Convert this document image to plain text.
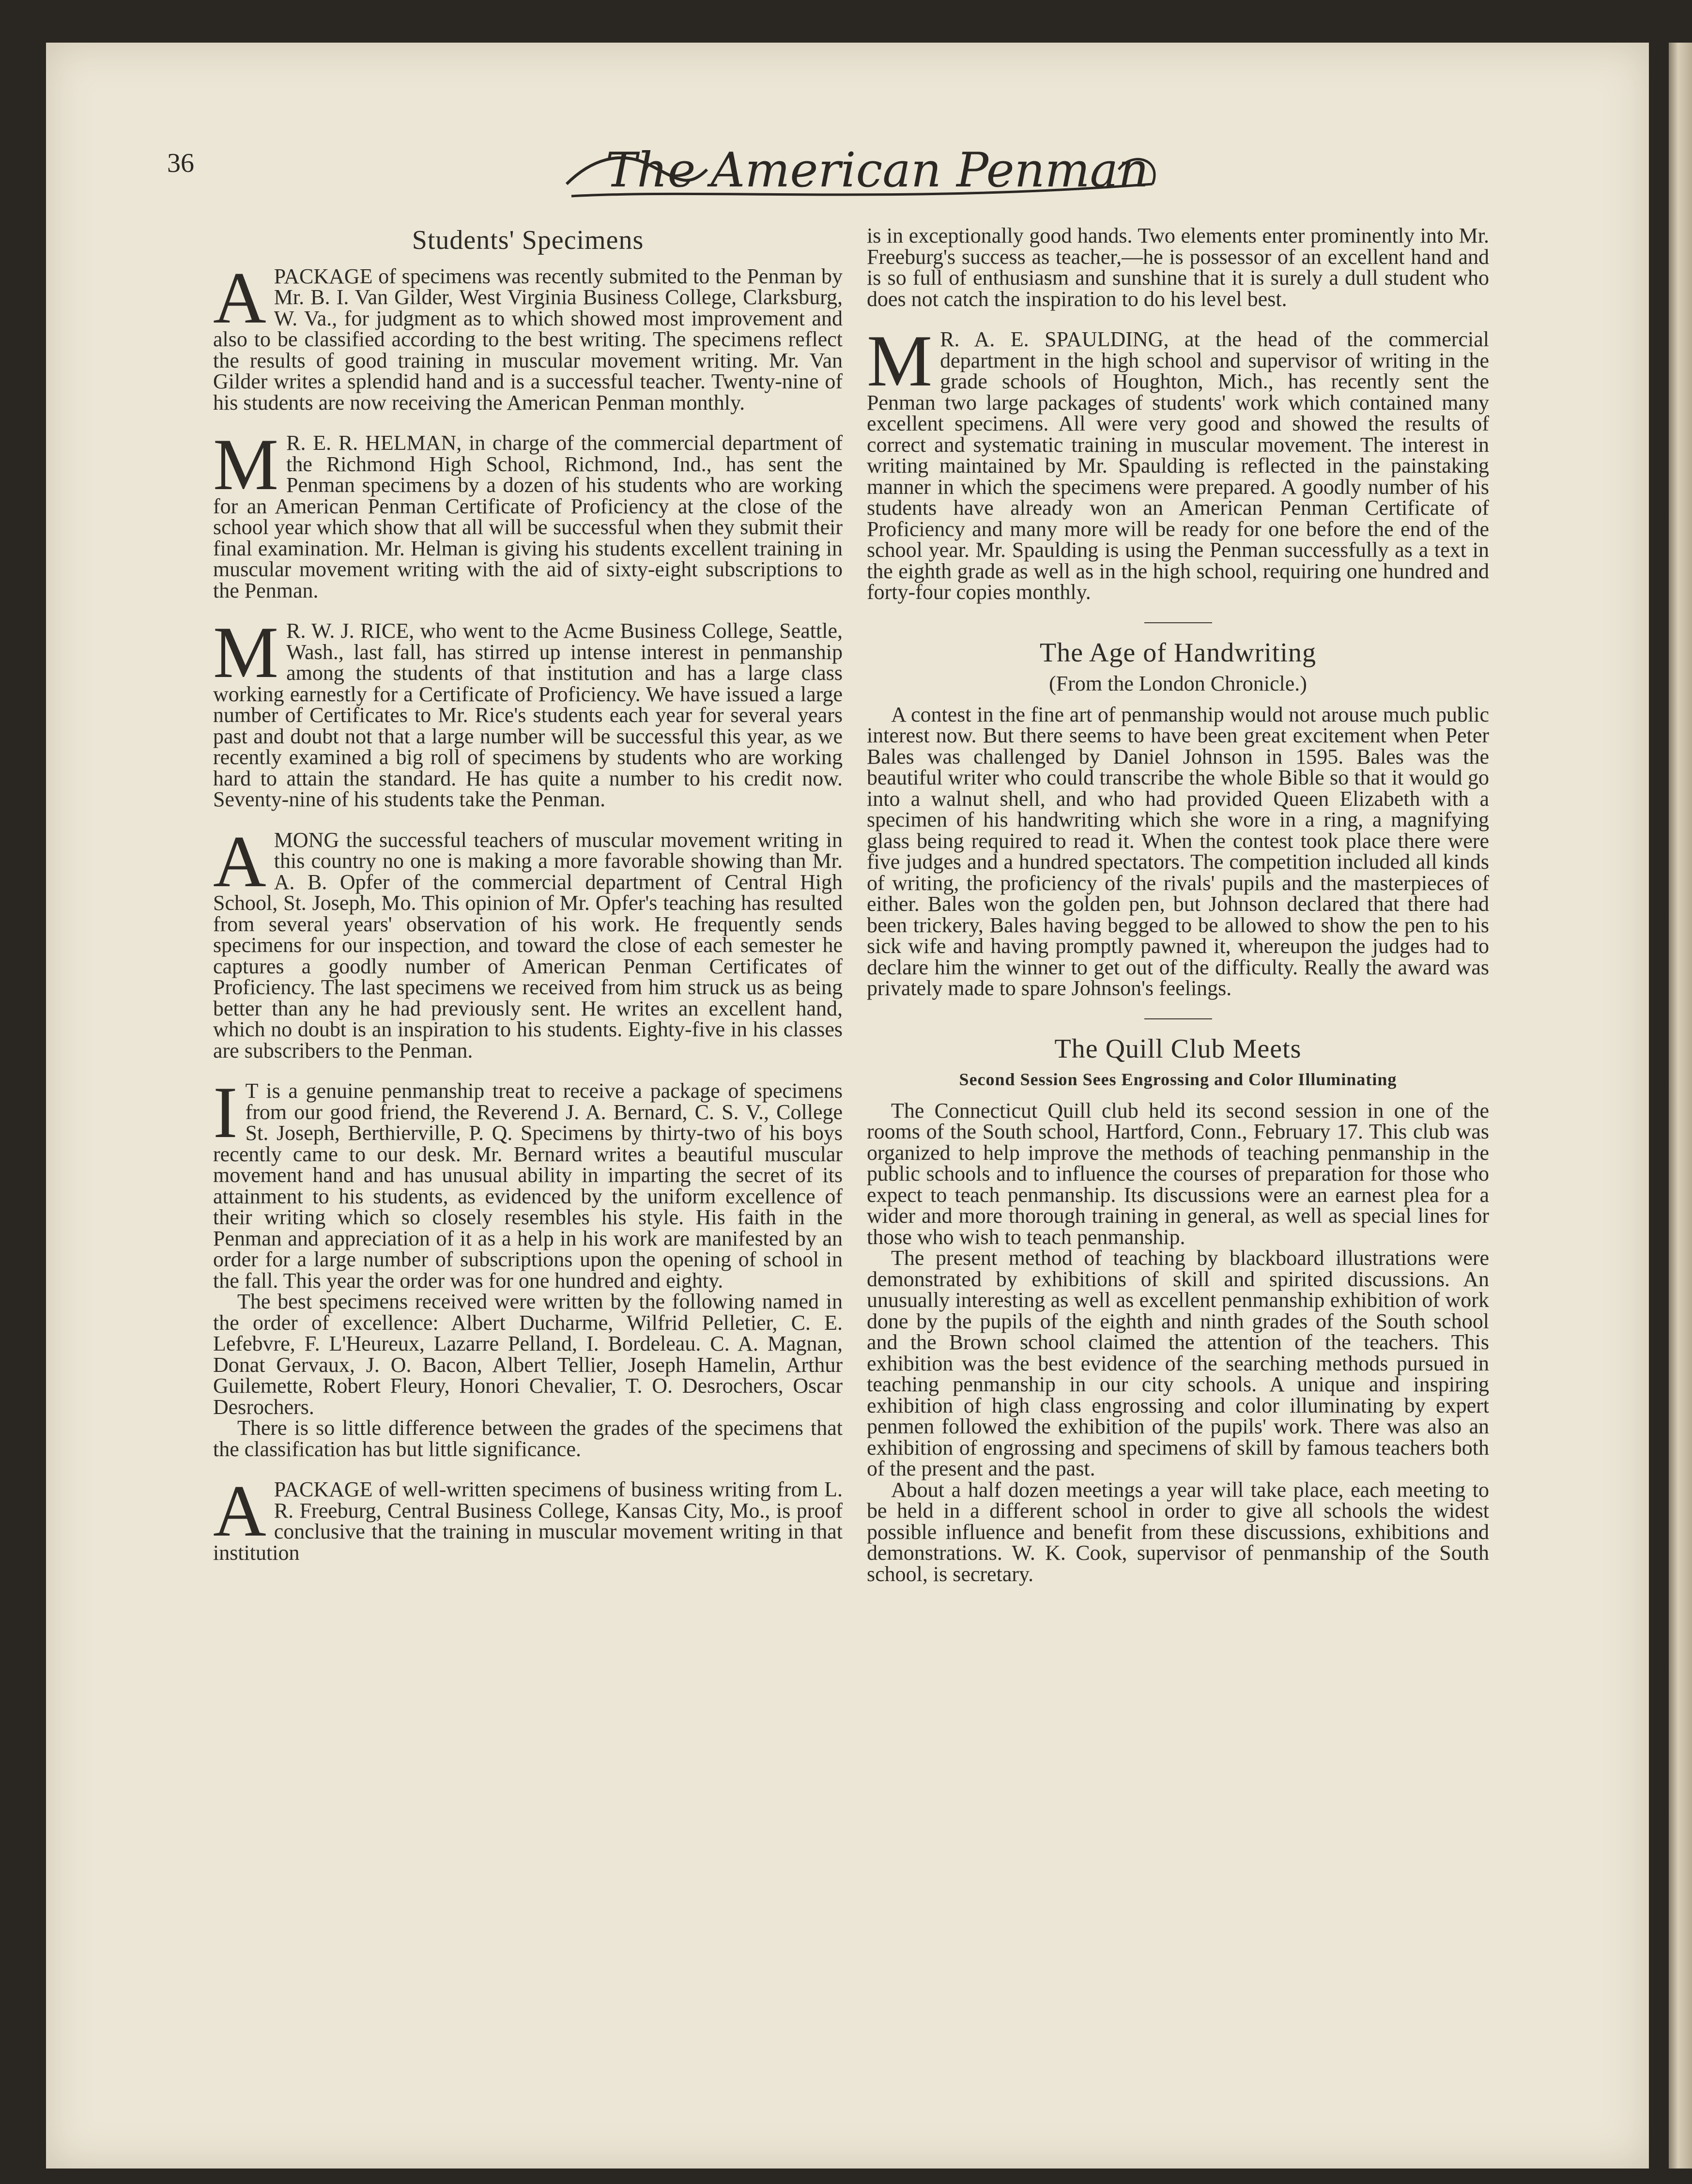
36	The American Penman
Students' Specimens

APACKAGE of specimens was recently submited to the Penman by Mr. B. I. Van Gilder, West Virginia Business College, Clarksburg, W. Va., for judgment as to which showed most improvement and also to be classified according to the best writing. The specimens reflect the results of good training in muscular movement writing. Mr. Van Gilder writes a splendid hand and is a successful teacher. Twenty-nine of his students are now receiving the American Penman monthly.

M R. E. R. HELMAN, in charge of the commercial department of the Richmond High School, Richmond, Ind., has sent the Penman specimens by a dozen of his students who are working for an American Penman Certificate of Proficiency at the close of the school year which show that all will be successful when they submit their final examination. Mr. Helman is giving his students excellent training in muscular movement writing with the aid of sixty-eight subscriptions to the Penman.

M R. W. J. RICE, who went to the Acme Business College, Seattle, Wash., last fall, has stirred up intense interest in penmanship among the students of that institution and has a large class working earnestly for a Certificate of Proficiency. We have issued a large number of Certificates to Mr. Rice's students each year for several years past and doubt not that a large number will be successful this year, as we recently examined a big roll of specimens by students who are working hard to attain the standard. He has quite a number to his credit now. Seventy-nine of his students take the Penman.

AMONG the successful teachers of muscular movement writing in this country no one is making a more favorable showing than Mr. A. B. Opfer of the commercial department of Central High School, St. Joseph, Mo. This opinion of Mr. Opfer's teaching has resulted from several years' observation of his work. He frequently sends specimens for our inspection, and toward the close of each semester he captures a goodly number of American Penman Certificates of Proficiency. The last specimens we received from him struck us as being better than any he had previously sent. He writes an excellent hand, which no doubt is an inspiration to his students. Eighty-five in his classes are subscribers to the Penman.

I T is a genuine penmanship treat to receive a package of specimens from our good friend, the Reverend J. A. Bernard, C. S. V., College St. Joseph, Berthierville, P. Q. Specimens by thirty-two of his boys recently came to our desk. Mr. Bernard writes a beautiful muscular movement hand and has unusual ability in imparting the secret of its attainment to his students, as evidenced by the uniform excellence of their writing which so closely resembles his style. His faith in the Penman and appreciation of it as a help in his work are manifested by an order for a large number of subscriptions upon the opening of school in the fall. This year the order was for one hundred and eighty.

The best specimens received were written by the following named in the order of excellence: Albert Ducharme, Wilfrid Pelletier, C. E. Lefebvre, F. L'Heureux, Lazarre Pelland, I. Bordeleau. C. A. Magnan, Donat Gervaux, J. O. Bacon, Albert Tellier, Joseph Hamelin, Arthur Guilemette, Robert Fleury, Honori Chevalier, T. O. Desrochers, Oscar Desrochers.

There is so little difference between the grades of the specimens that the classification has but little significance.

APACKAGE of well-written specimens of business writing from L. R. Freeburg, Central Business College, Kansas City, Mo., is proof conclusive that the training in muscular movement writing in that institution

is in exceptionally good hands. Two elements enter prominently into Mr. Freeburg's success as teacher,—he is possessor of an excellent hand and is so full of enthusiasm and sunshine that it is surely a dull student who does not catch the inspiration to do his level best.

M R. A. E. SPAULDING, at the head of the commercial department in the high school and supervisor of writing in the grade schools of Houghton, Mich., has recently sent the Penman two large packages of students' work which contained many excellent specimens. All were very good and showed the results of correct and systematic training in muscular movement. The interest in writing maintained by Mr. Spaulding is reflected in the painstaking manner in which the specimens were prepared. A goodly number of his students have already won an American Penman Certificate of Proficiency and many more will be ready for one before the end of the school year. Mr. Spaulding is using the Penman successfully as a text in the eighth grade as well as in the high school, requiring one hundred and forty-four copies monthly.

The Age of Handwriting
(From the London Chronicle.)

A contest in the fine art of penmanship would not arouse much public interest now. But there seems to have been great excitement when Peter Bales was challenged by Daniel Johnson in 1595. Bales was the beautiful writer who could transcribe the whole Bible so that it would go into a walnut shell, and who had provided Queen Elizabeth with a specimen of his handwriting which she wore in a ring, a magnifying glass being required to read it. When the contest took place there were five judges and a hundred spectators. The competition included all kinds of writing, the proficiency of the rivals' pupils and the masterpieces of either. Bales won the golden pen, but Johnson declared that there had been trickery, Bales having begged to be allowed to show the pen to his sick wife and having promptly pawned it, whereupon the judges had to declare him the winner to get out of the difficulty. Really the award was privately made to spare Johnson's feelings.

The Quill Club Meets
Second Session Sees Engrossing and Color Illuminating

The Connecticut Quill club held its second session in one of the rooms of the South school, Hartford, Conn., February 17. This club was organized to help improve the methods of teaching penmanship in the public schools and to influence the courses of preparation for those who expect to teach penmanship. Its discussions were an earnest plea for a wider and more thorough training in general, as well as special lines for those who wish to teach penmanship.

The present method of teaching by blackboard illustrations were demonstrated by exhibitions of skill and spirited discussions. An unusually interesting as well as excellent penmanship exhibition of work done by the pupils of the eighth and ninth grades of the South school and the Brown school claimed the attention of the teachers. This exhibition was the best evidence of the searching methods pursued in teaching penmanship in our city schools. A unique and inspiring exhibition of high class engrossing and color illuminating by expert penmen followed the exhibition of the pupils' work. There was also an exhibition of engrossing and specimens of skill by famous teachers both of the present and the past.

About a half dozen meetings a year will take place, each meeting to be held in a different school in order to give all schools the widest possible influence and benefit from these discussions, exhibitions and demonstrations. W. K. Cook, supervisor of penmanship of the South school, is secretary.
